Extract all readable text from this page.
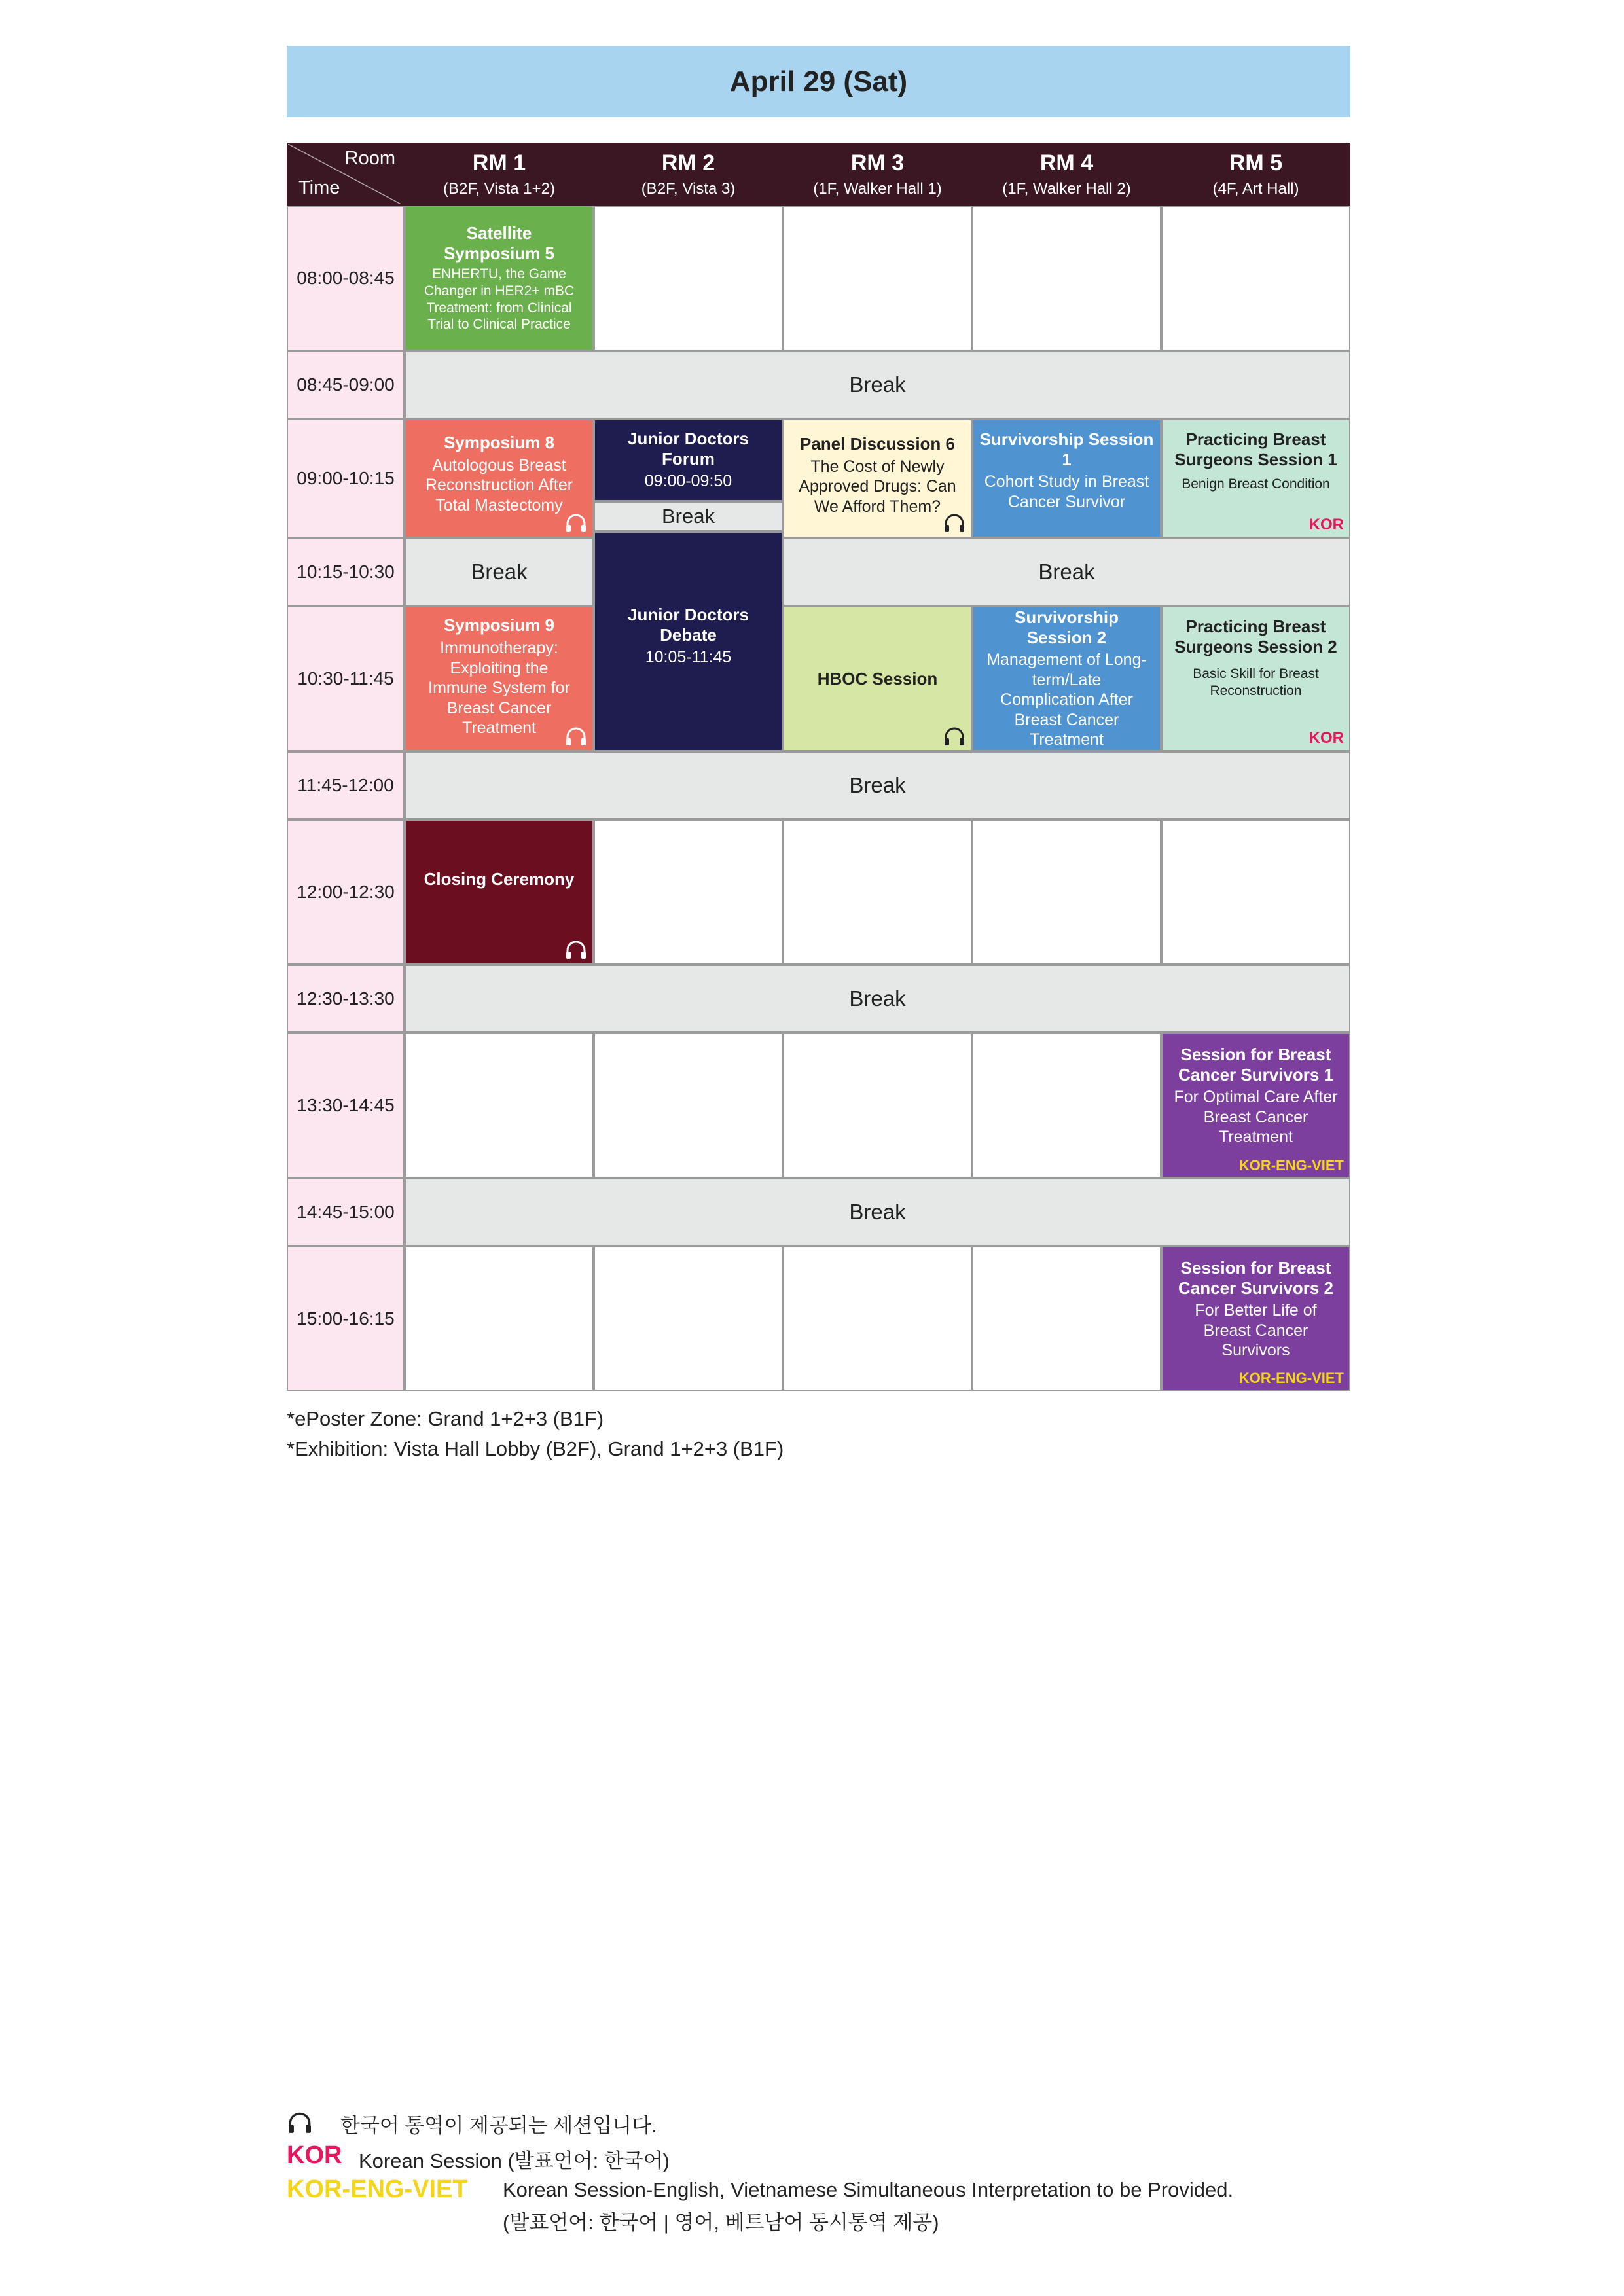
April 29 (Sat)
Room
Time
RM 1
(B2F, Vista 1+2)
RM 2
(B2F, Vista 3)
RM 3
(1F, Walker Hall 1)
RM 4
(1F, Walker Hall 2)
RM 5
(4F, Art Hall)
08:00-08:45
08:45-09:00
09:00-10:15
10:15-10:30
10:30-11:45
11:45-12:00
12:00-12:30
12:30-13:30
13:30-14:45
14:45-15:00
15:00-16:15
Satellite Symposium 5
ENHERTU, the Game Changer in HER2+ mBC Treatment: from Clinical Trial to Clinical Practice
Break
Symposium 8
Autologous Breast Reconstruction After Total Mastectomy
Junior Doctors Forum
09:00-09:50
Break
Panel Discussion 6
The Cost of Newly Approved Drugs: Can We Afford Them?
Survivorship Session 1
Cohort Study in Breast Cancer Survivor
Practicing Breast Surgeons Session 1
Benign Breast Condition
KOR
Break
Junior Doctors Debate
10:05-11:45
Break
Symposium 9
Immunotherapy: Exploiting the Immune System for Breast Cancer Treatment
HBOC Session
Survivorship Session 2
Management of Long-term/Late Complication After Breast Cancer Treatment
Practicing Breast Surgeons Session 2
Basic Skill for Breast Reconstruction
KOR
Break
Closing Ceremony
Break
Session for Breast Cancer Survivors 1
For Optimal Care After Breast Cancer Treatment
KOR-ENG-VIET
Break
Session for Breast Cancer Survivors 2
For Better Life of Breast Cancer Survivors
KOR-ENG-VIET
*ePoster Zone: Grand 1+2+3 (B1F)
*Exhibition: Vista Hall Lobby (B2F), Grand 1+2+3 (B1F)
한국어 통역이 제공되는 세션입니다.
KOR Korean Session (발표언어: 한국어)
KOR-ENG-VIET Korean Session-English, Vietnamese Simultaneous Interpretation to be Provided.
(발표언어: 한국어 | 영어, 베트남어 동시통역 제공)
